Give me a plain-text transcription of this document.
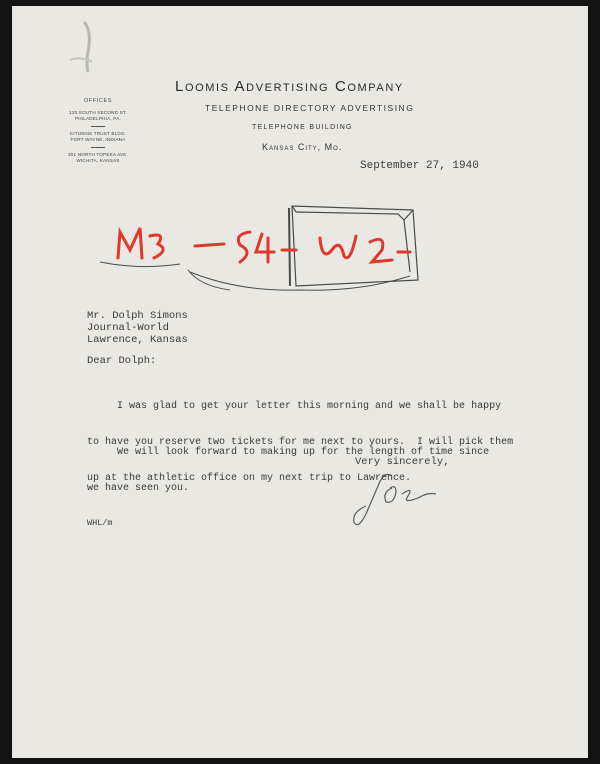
OFFICES
120 SOUTH SECOND ST.
PHILADELPHIA, PA.
CITIZENS TRUST BLDG.
FORT WAYNE, INDIANA
301 NORTH TOPEKA AVE.
WICHITA, KANSAS
Loomis Advertising Company
TELEPHONE DIRECTORY ADVERTISING
TELEPHONE BUILDING
Kansas City, Mo.
September 27, 1940
Mr. Dolph Simons
Journal-World
Lawrence, Kansas
Dear Dolph:

I was glad to get your letter this morning and we shall be happy

to have you reserve two tickets for me next to yours.  I will pick them

up at the athletic office on my next trip to Lawrence.

We will look forward to making up for the length of time since

we have seen you.

Very sincerely,
WHL/m
